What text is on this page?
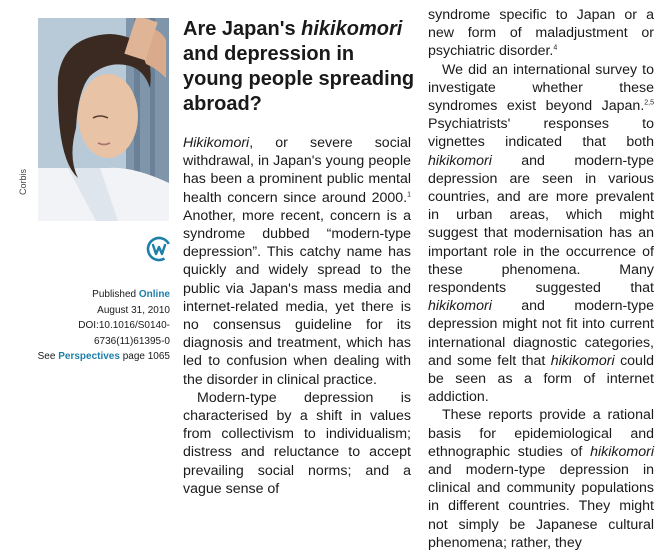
Corbis
Published Online
August 31, 2010
DOI:10.1016/S0140-
6736(11)61395-0
See Perspectives page 1065
Are Japan's hikikomori and depression in young people spreading abroad?

Hikikomori, or severe social withdrawal, in Japan's young people has been a prominent public mental health concern since around 2000.$^1$ Another, more recent, concern is a syndrome dubbed “modern-type depression”. This catchy name has quickly and widely spread to the public via Japan's mass media and internet-related media, yet there is no consensus guideline for its diagnosis and treatment, which has led to confusion when dealing with the disorder in clinical practice.

Modern-type depression is characterised by a shift in values from collectivism to individualism; distress and reluctance to accept prevailing social norms; and a vague sense of

syndrome specific to Japan or a new form of maladjustment or psychiatric disorder.$^4$

We did an international survey to investigate whether these syndromes exist beyond Japan.$^{2,5}$ Psychiatrists' responses to vignettes indicated that both hikikomori and modern-type depression are seen in various countries, and are more prevalent in urban areas, which might suggest that modernisation has an important role in the occurrence of these phenomena. Many respondents suggested that hikikomori and modern-type depression might not fit into current international diagnostic categories, and some felt that hikikomori could be seen as a form of internet addiction.

These reports provide a rational basis for epidemiological and ethnographic studies of hikikomori and modern-type depression in clinical and community populations in different countries. They might not simply be Japanese cultural phenomena; rather, they
